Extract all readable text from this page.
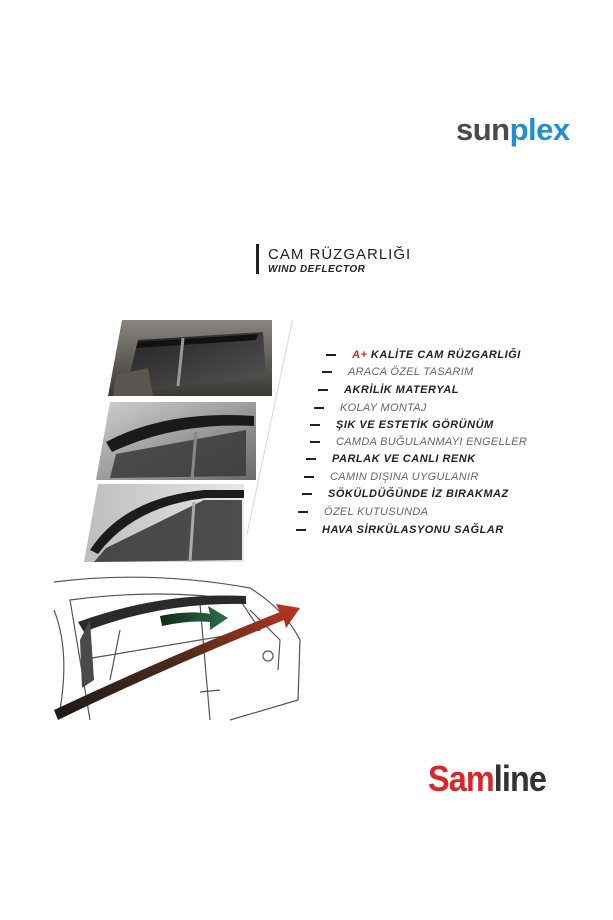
sunplex
CAM RÜZGARLIĞI
WIND DEFLECTOR
A+ KALİTE CAM RÜZGARLIĞI
ARACA ÖZEL TASARIM
AKRİLİK MATERYAL
KOLAY MONTAJ
ŞIK VE ESTETİK GÖRÜNÜM
CAMDA BUĞULANMAYI ENGELLER
PARLAK VE CANLI RENK
CAMIN DIŞINA UYGULANIR
SÖKÜLDÜĞÜNDE İZ BIRAKMAZ
ÖZEL KUTUSUNDA
HAVA SİRKÜLASYONU SAĞLAR
Samline
